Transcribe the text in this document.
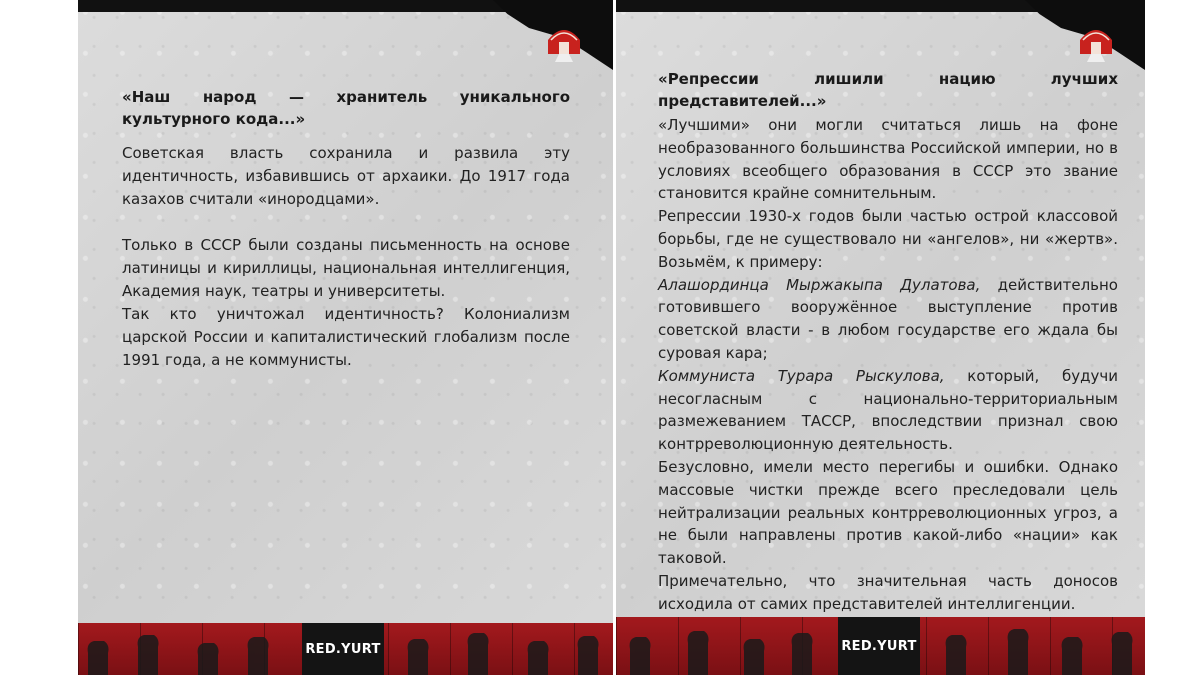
«Наш народ — хранитель уникального культурного кода...»

Советская власть сохранила и развила эту идентичность, избавившись от архаики. До 1917 года казахов считали «инородцами».

Только в СССР были созданы письменность на основе латиницы и кириллицы, национальная интеллигенция, Академия наук, театры и университеты.

Так кто уничтожал идентичность? Колониализм царской России и капиталистический глобализм после 1991 года, а не коммунисты.

RED.YURT

«Репрессии лишили нацию лучших представителей...»

«Лучшими» они могли считаться лишь на фоне необразованного большинства Российской империи, но в условиях всеобщего образования в СССР это звание становится крайне сомнительным.

Репрессии 1930-х годов были частью острой классовой борьбы, где не существовало ни «ангелов», ни «жертв». Возьмём, к примеру:

Алашординца Мыржакыпа Дулатова, действительно готовившего вооружённое выступление против советской власти - в любом государстве его ждала бы суровая кара;

Коммуниста Турара Рыскулова, который, будучи несогласным с национально-территориальным размежеванием ТАССР, впоследствии признал свою контрреволюционную деятельность.

Безусловно, имели место перегибы и ошибки. Однако массовые чистки прежде всего преследовали цель нейтрализации реальных контрреволюционных угроз, а не были направлены против какой-либо «нации» как таковой.

Примечательно, что значительная часть доносов исходила от самих представителей интеллигенции.

RED.YURT
